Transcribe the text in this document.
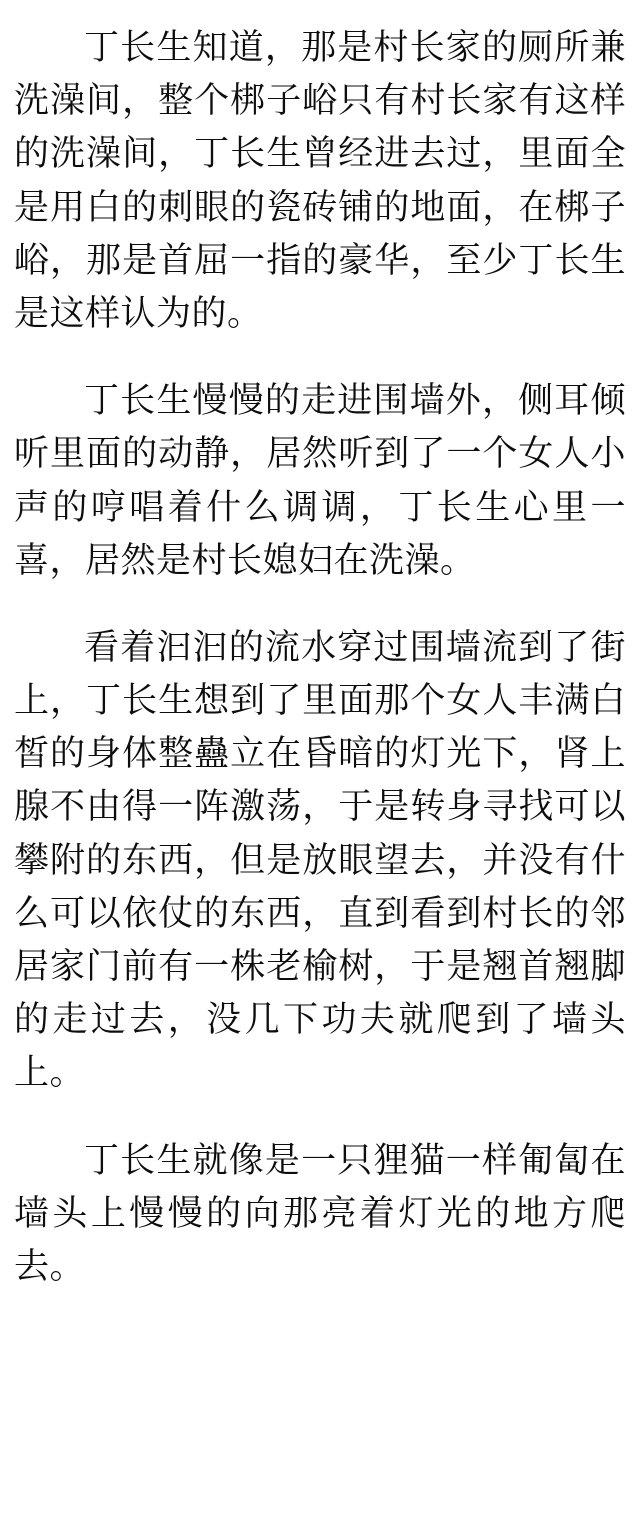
丁长生知道，那是村长家的厕所兼洗澡间，整个梆子峪只有村长家有这样的洗澡间，丁长生曾经进去过，里面全是用白的刺眼的瓷砖铺的地面，在梆子峪，那是首屈一指的豪华，至少丁长生是这样认为的。

丁长生慢慢的走进围墙外，侧耳倾听里面的动静，居然听到了一个女人小声的哼唱着什么调调，丁长生心里一喜，居然是村长媳妇在洗澡。

看着汩汩的流水穿过围墙流到了街上，丁长生想到了里面那个女人丰满白皙的身体整蠱立在昏暗的灯光下，肾上腺不由得一阵激荡，于是转身寻找可以攀附的东西，但是放眼望去，并没有什么可以依仗的东西，直到看到村长的邻居家门前有一株老榆树，于是翘首翘脚的走过去，没几下功夫就爬到了墙头上。

丁长生就像是一只狸猫一样匍匐在墙头上慢慢的向那亮着灯光的地方爬去。
